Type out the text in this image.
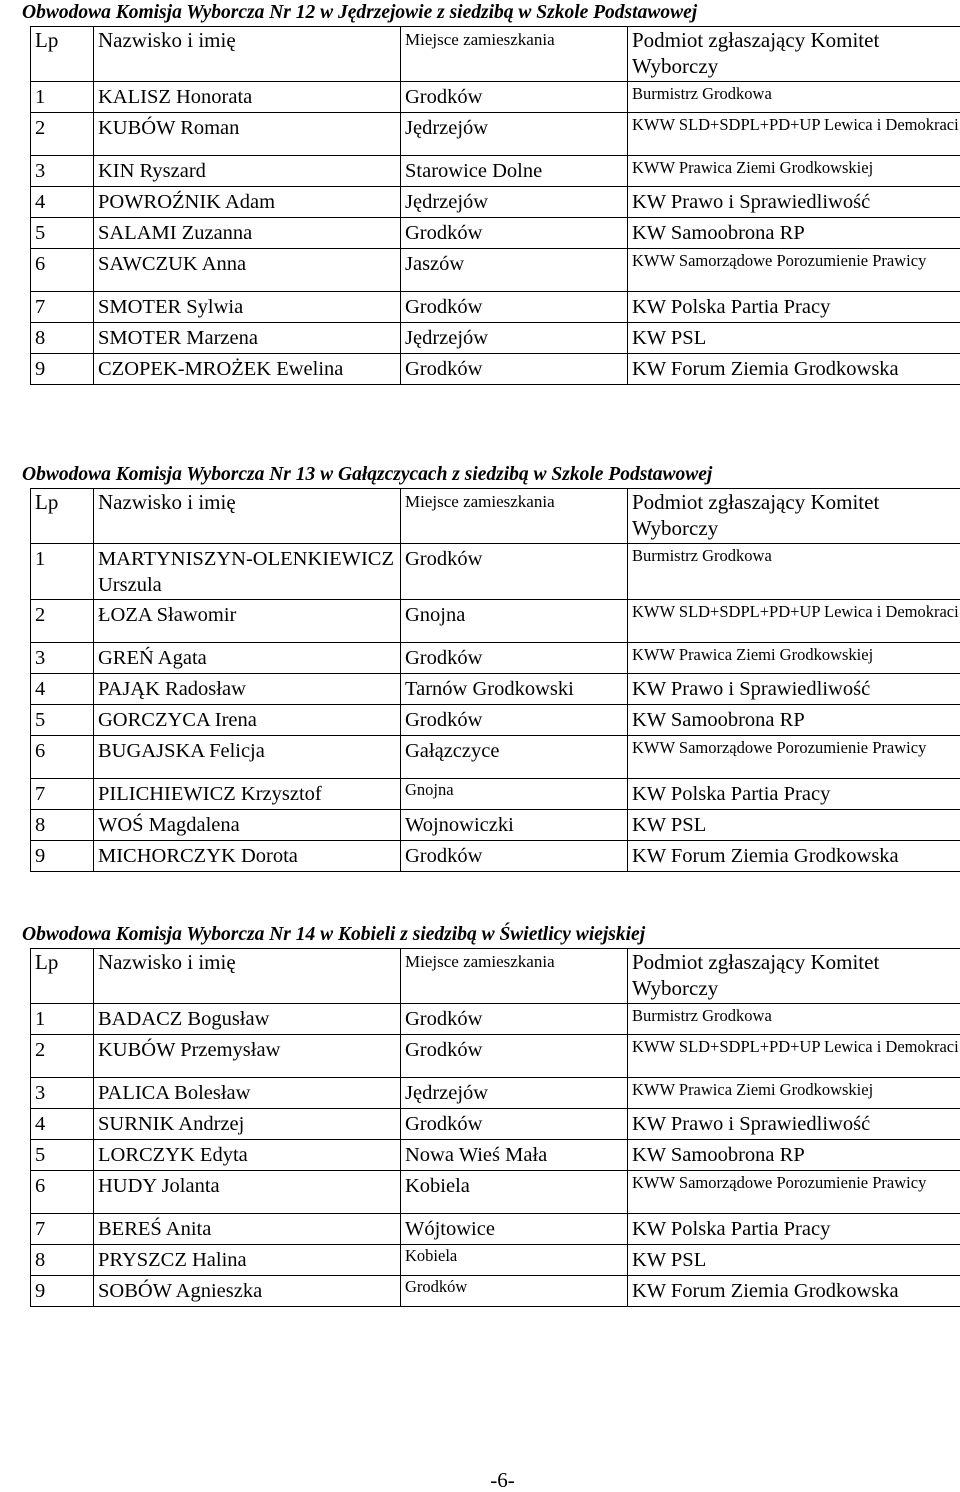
Obwodowa Komisja Wyborcza Nr 12 w Jędrzejowie z siedzibą w Szkole Podstawowej
Lp	Nazwisko i imię	Miejsce zamieszkania	Podmiot zgłaszający Komitet
Wyborczy

1	KALISZ Honorata	Grodków	Burmistrz Grodkowa

2	KUBÓW Roman	Jędrzejów	KWW SLD+SDPL+PD+UP Lewica i Demokraci

3	KIN Ryszard	Starowice Dolne	KWW Prawica Ziemi Grodkowskiej

4	POWROŹNIK Adam	Jędrzejów	KW Prawo i Sprawiedliwość
5	SALAMI Zuzanna	Grodków	KW Samoobrona RP
6	SAWCZUK Anna	Jaszów	KWW Samorządowe Porozumienie Prawicy

7	SMOTER Sylwia	Grodków	KW Polska Partia Pracy
8	SMOTER Marzena	Jędrzejów	KW PSL
9	CZOPEK-MROŻEK Ewelina	Grodków	KW Forum Ziemia Grodkowska
Obwodowa Komisja Wyborcza Nr 13 w Gałązczycach z siedzibą w Szkole Podstawowej
Lp	Nazwisko i imię	Miejsce zamieszkania	Podmiot zgłaszający Komitet
Wyborczy

1	MARTYNISZYN-OLENKIEWICZ Urszula	Grodków	Burmistrz Grodkowa

2	ŁOZA Sławomir	Gnojna	KWW SLD+SDPL+PD+UP Lewica i Demokraci

3	GREŃ Agata	Grodków	KWW Prawica Ziemi Grodkowskiej

4	PAJĄK Radosław	Tarnów Grodkowski	KW Prawo i Sprawiedliwość
5	GORCZYCA Irena	Grodków	KW Samoobrona RP
6	BUGAJSKA Felicja	Gałązczyce	KWW Samorządowe Porozumienie Prawicy

7	PILICHIEWICZ Krzysztof	Gnojna	KW Polska Partia Pracy
8	WOŚ Magdalena	Wojnowiczki	KW PSL
9	MICHORCZYK Dorota	Grodków	KW Forum Ziemia Grodkowska
Obwodowa Komisja Wyborcza Nr 14 w Kobieli z siedzibą w Świetlicy wiejskiej
Lp	Nazwisko i imię	Miejsce zamieszkania	Podmiot zgłaszający Komitet
Wyborczy

1	BADACZ Bogusław	Grodków	Burmistrz Grodkowa

2	KUBÓW Przemysław	Grodków	KWW SLD+SDPL+PD+UP Lewica i Demokraci

3	PALICA Bolesław	Jędrzejów	KWW Prawica Ziemi Grodkowskiej

4	SURNIK Andrzej	Grodków	KW Prawo i Sprawiedliwość
5	LORCZYK Edyta	Nowa Wieś Mała	KW Samoobrona RP
6	HUDY Jolanta	Kobiela	KWW Samorządowe Porozumienie Prawicy

7	BEREŚ Anita	Wójtowice	KW Polska Partia Pracy
8	PRYSZCZ Halina	Kobiela	KW PSL
9	SOBÓW Agnieszka	Grodków	KW Forum Ziemia Grodkowska
-6-
